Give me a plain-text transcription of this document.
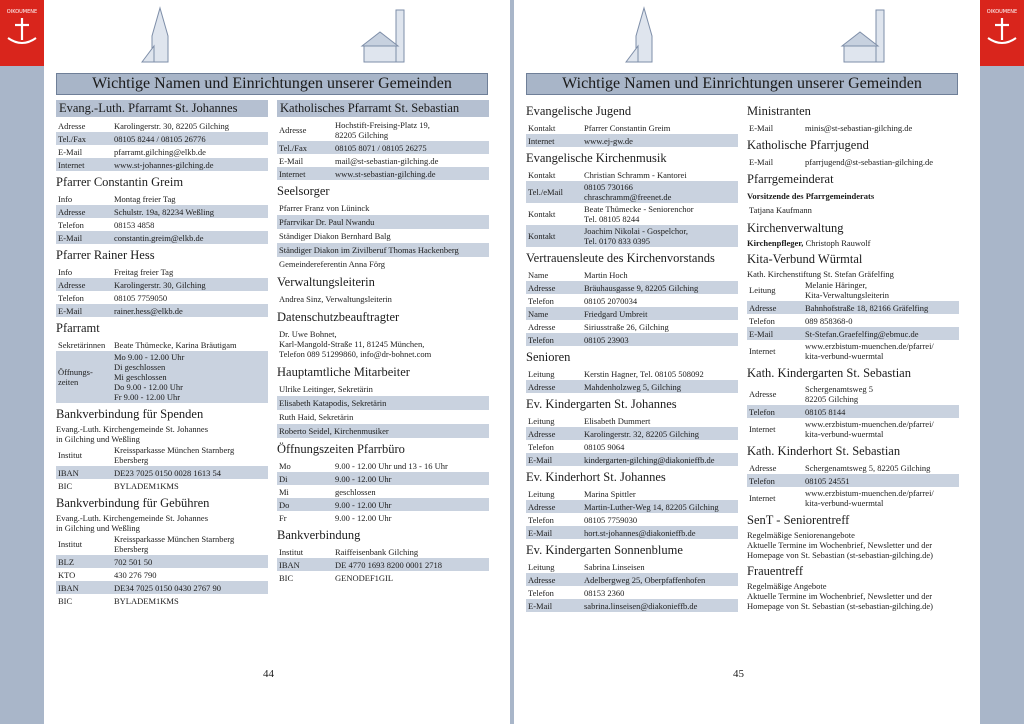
OIKOUMENE	OIKOUMENE
Wichtige Namen und Einrichtungen unserer Gemeinden
Evang.-Luth. Pfarramt St. Johannes
Adresse	Karolingerstr. 30, 82205 Gilching
Tel./Fax	08105 8244 / 08105 26776
E-Mail	pfarramt.gilching@elkb.de
Internet	www.st-johannes-gilching.de
Pfarrer Constantin Greim
Info	Montag freier Tag
Adresse	Schulstr. 19a, 82234 Weßling
Telefon	08153 4858
E-Mail	constantin.greim@elkb.de
Pfarrer Rainer Hess
Info	Freitag freier Tag
Adresse	Karolingerstr. 30, Gilching
Telefon	08105 7759050
E-Mail	rainer.hess@elkb.de
Pfarramt
Sekretärinnen	Beate Thümecke, Karina Bräutigam
Öffnungs- zeiten
Mo 9.00 - 12.00 Uhr
Di geschlossen
Mi geschlossen
Do 9.00 - 12.00 Uhr
Fr 9.00 - 12.00 Uhr
Bankverbindung für Spenden
Evang.-Luth. Kirchengemeinde St. Johannes
in Gilching und Weßling
Institut	Kreissparkasse München Starnberg
Ebersberg
IBAN	DE23 7025 0150 0028 1613 54
BIC	BYLADEM1KMS
Bankverbindung für Gebühren
Evang.-Luth. Kirchengemeinde St. Johannes
in Gilching und Weßling
Institut	Kreissparkasse München Starnberg
Ebersberg
BLZ	702 501 50
KTO	430 276 790
IBAN	DE34 7025 0150 0430 2767 90
BIC	BYLADEM1KMS
Katholisches Pfarramt St. Sebastian
Adresse	Hochstift-Freising-Platz 19,
82205 Gilching
Tel./Fax	08105 8071 / 08105 26275
E-Mail	mail@st-sebastian-gilching.de
Internet	www.st-sebastian-gilching.de
Seelsorger
Pfarrer Franz von Lüninck
Pfarrvikar Dr. Paul Nwandu
Ständiger Diakon Bernhard Balg
Ständiger Diakon im Zivilberuf Thomas Hackenberg
Gemeindereferentin Anna Förg
Verwaltungsleiterin
Andrea Sinz, Verwaltungsleiterin
Datenschutzbeauftragter
Dr. Uwe Bohnet,
Karl-Mangold-Straße 11, 81245 München,
Telefon 089 51299860, info@dr-bohnet.com
Hauptamtliche Mitarbeiter
Ulrike Leitinger, Sekretärin
Elisabeth Katapodis, Sekretärin
Ruth Haid, Sekretärin
Roberto Seidel, Kirchenmusiker
Öffnungszeiten Pfarrbüro
Mo	9.00 - 12.00 Uhr und 13 - 16 Uhr
Di	9.00 - 12.00 Uhr
Mi	geschlossen
Do	9.00 - 12.00 Uhr
Fr	9.00 - 12.00 Uhr
Bankverbindung
Institut	Raiffeisenbank Gilching
IBAN	DE 4770 1693 8200 0001 2718
BIC	GENODEF1GIL
44
Wichtige Namen und Einrichtungen unserer Gemeinden
Evangelische Jugend
Kontakt	Pfarrer Constantin Greim
Internet	www.ej-gw.de
Evangelische Kirchenmusik
Kontakt	Christian Schramm - Kantorei
Tel./eMail	08105 730166
chraschramm@freenet.de
Kontakt	Beate Thümecke - Seniorenchor
Tel. 08105 8244
Kontakt	Joachim Nikolai - Gospelchor,
Tel. 0170 833 0395
Vertrauensleute des Kirchenvorstands
Name	Martin Hoch
Adresse	Bräuhausgasse 9, 82205 Gilching
Telefon	08105 2070034
Name	Friedgard Umbreit
Adresse	Siriusstraße 26, Gilching
Telefon	08105 23903
Senioren
Leitung	Kerstin Hagner, Tel. 08105 508092
Adresse	Mahdenholzweg 5, Gilching
Ev. Kindergarten St. Johannes
Leitung	Elisabeth Dummert
Adresse	Karolingerstr. 32, 82205 Gilching
Telefon	08105 9064
E-Mail	kindergarten-gilching@diakonieffb.de
Ev. Kinderhort St. Johannes
Leitung	Marina Spittler
Adresse	Martin-Luther-Weg 14, 82205 Gilching
Telefon	08105 7759030
E-Mail	hort.st-johannes@diakonieffb.de
Ev. Kindergarten Sonnenblume
Leitung	Sabrina Linseisen
Adresse	Adelbergweg 25, Oberpfaffenhofen
Telefon	08153 2360
E-Mail	sabrina.linseisen@diakonieffb.de
Ministranten
E-Mail	minis@st-sebastian-gilching.de
Katholische Pfarrjugend
E-Mail	pfarrjugend@st-sebastian-gilching.de
Pfarrgemeinderat
Vorsitzende des Pfarrgemeinderats
Tatjana Kaufmann
Kirchenverwaltung
Kirchenpfleger, Christoph Rauwolf
Kita-Verbund Würmtal
Kath. Kirchenstiftung St. Stefan Gräfelfing
Leitung	Melanie Häringer,
Kita-Verwaltungsleiterin
Adresse	Bahnhofstraße 18, 82166 Gräfelfing
Telefon	089 858368-0
E-Mail	St-Stefan.Graefelfing@ebmuc.de
Internet	www.erzbistum-muenchen.de/pfarrei/
kita-verbund-wuermtal
Kath. Kindergarten St. Sebastian
Adresse	Schergenamtsweg 5
82205 Gilching
Telefon	08105 8144
Internet	www.erzbistum-muenchen.de/pfarrei/
kita-verbund-wuermtal
Kath. Kinderhort St. Sebastian
Adresse	Schergenamtsweg 5, 82205 Gilching
Telefon	08105 24551
Internet	www.erzbistum-muenchen.de/pfarrei/
kita-verbund-wuermtal
SenT - Seniorentreff
Regelmäßige Seniorenangebote
Aktuelle Termine im Wochenbrief, Newsletter und der
Homepage von St. Sebastian (st-sebastian-gilching.de)
Frauentreff
Regelmäßige Angebote
Aktuelle Termine im Wochenbrief, Newsletter und der
Homepage von St. Sebastian (st-sebastian-gilching.de)
45
